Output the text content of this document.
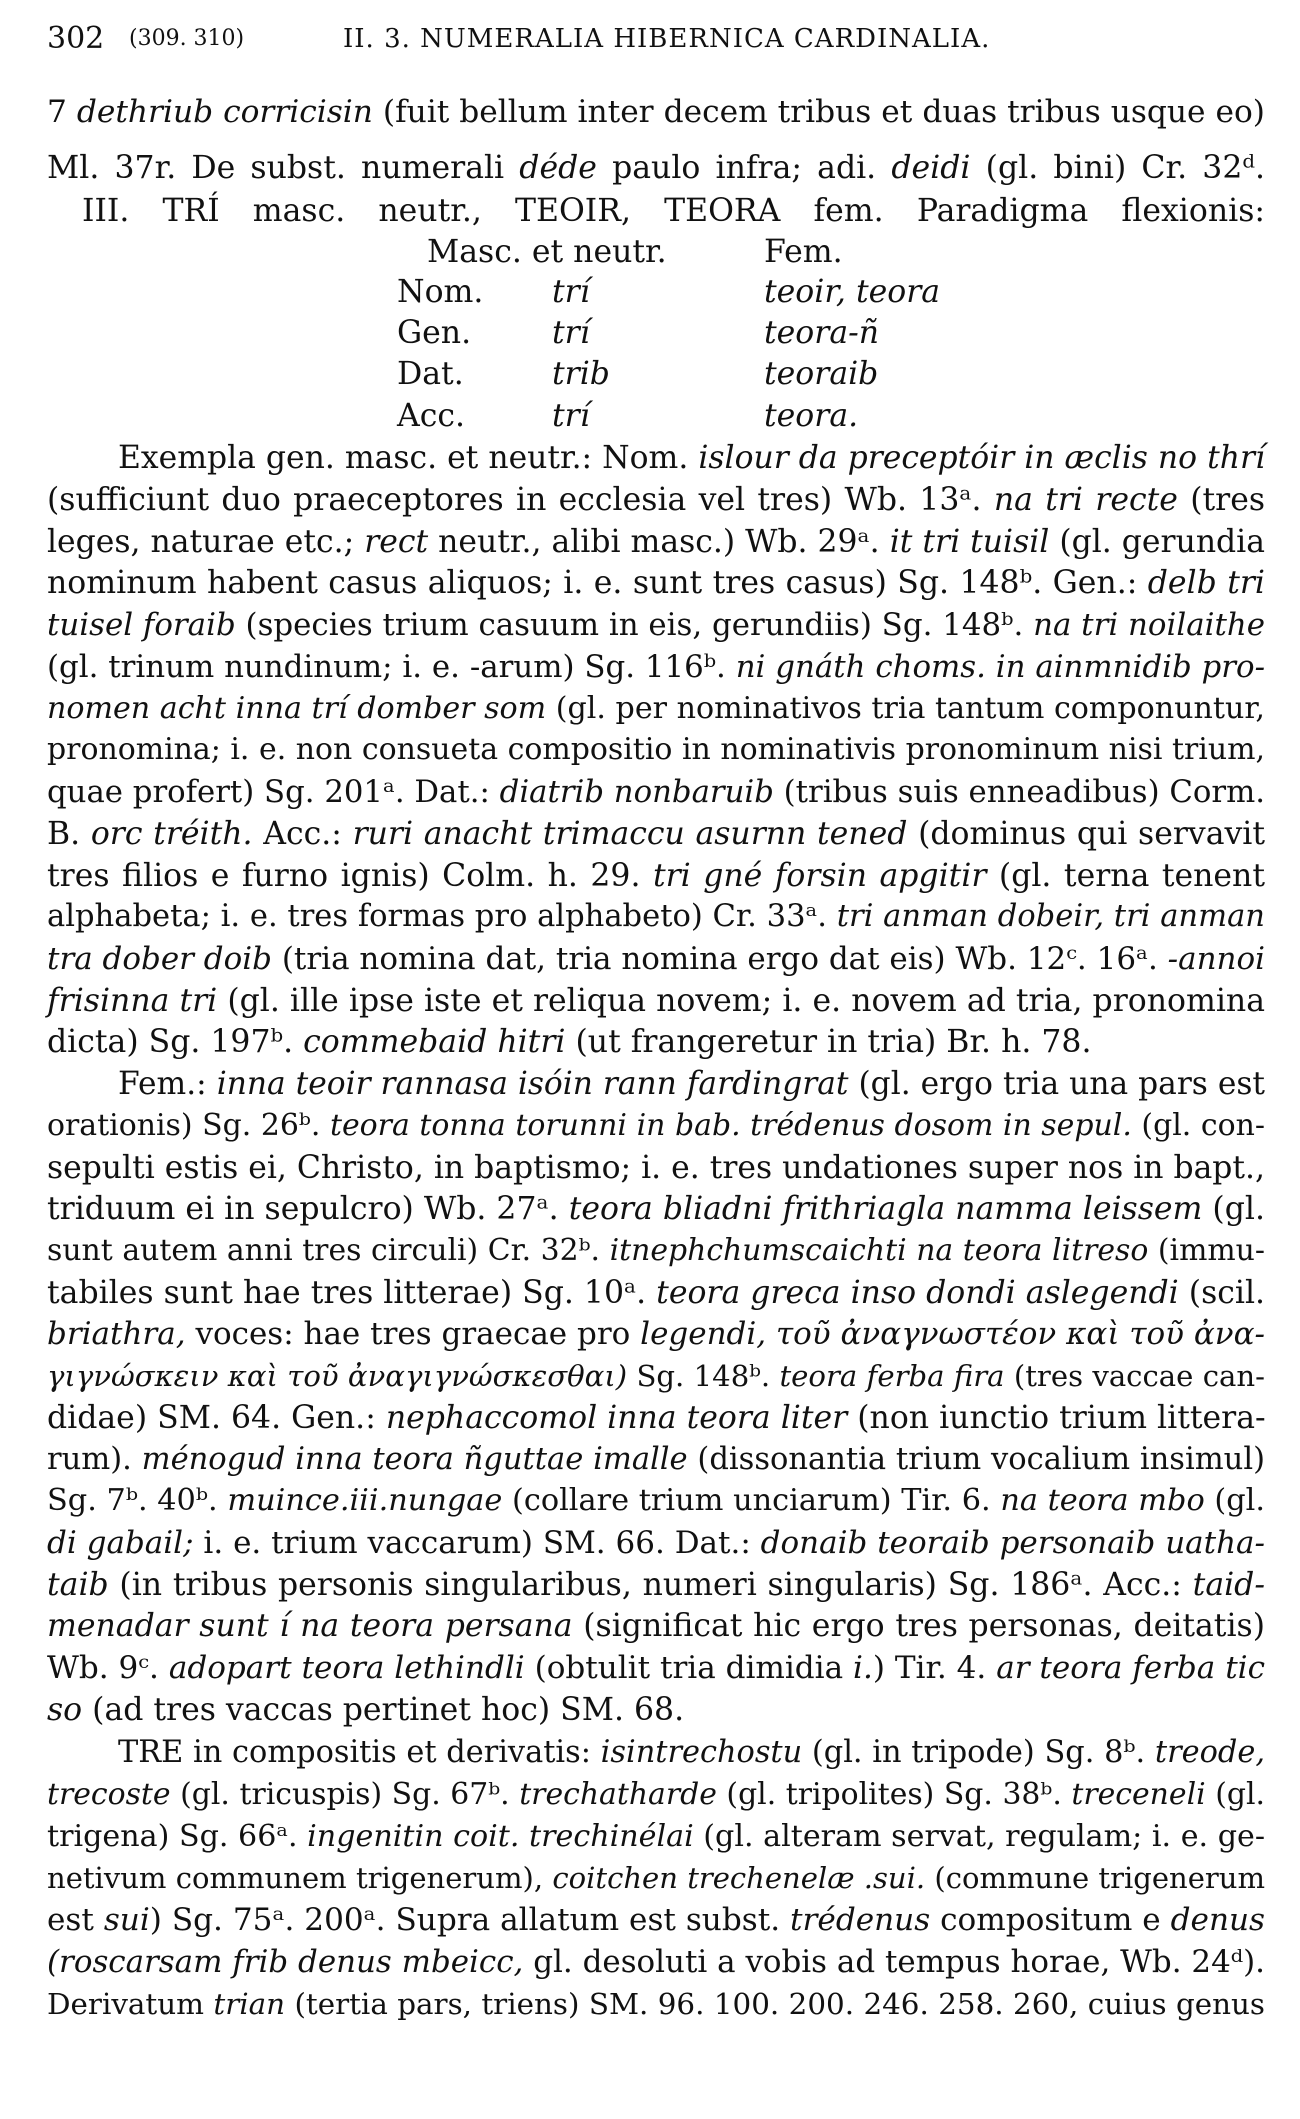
302 (309. 310)	II. 3. NUMERALIA HIBERNICA CARDINALIA.
7 dethriub corricisin (fuit bellum inter decem tribus et duas tribus usque eo)
Ml. 37r. De subst. numerali déde paulo infra; adi. deidi (gl. bini) Cr. 32ᵈ.
III. TRÍ masc. neutr., TEOIR, TEORA fem. Paradigma flexionis:
Exempla gen. masc. et neutr.: Nom. islour da preceptóir in æclis no thrí
(sufficiunt duo praeceptores in ecclesia vel tres) Wb. 13ᵃ. na tri recte (tres
leges, naturae etc.; rect neutr., alibi masc.) Wb. 29ᵃ. it tri tuisil (gl. gerundia
nominum habent casus aliquos; i. e. sunt tres casus) Sg. 148ᵇ. Gen.: delb tri
tuisel foraib (species trium casuum in eis, gerundiis) Sg. 148ᵇ. na tri noilaithe
(gl. trinum nundinum; i. e. -arum) Sg. 116ᵇ. ni gnáth choms. in ainmnidib pro-
nomen acht inna trí domber som (gl. per nominativos tria tantum componuntur,
pronomina; i. e. non consueta compositio in nominativis pronominum nisi trium,
quae profert) Sg. 201ᵃ. Dat.: diatrib nonbaruib (tribus suis enneadibus) Corm.
B. orc tréith. Acc.: ruri anacht trimaccu asurnn tened (dominus qui servavit
tres filios e furno ignis) Colm. h. 29. tri gné forsin apgitir (gl. terna tenent
alphabeta; i. e. tres formas pro alphabeto) Cr. 33ᵃ. tri anman dobeir, tri anman
tra dober doib (tria nomina dat, tria nomina ergo dat eis) Wb. 12ᶜ. 16ᵃ. -annoi
frisinna tri (gl. ille ipse iste et reliqua novem; i. e. novem ad tria, pronomina
dicta) Sg. 197ᵇ. commebaid hitri (ut frangeretur in tria) Br. h. 78.
Fem.: inna teoir rannasa isóin rann fardingrat (gl. ergo tria una pars est
orationis) Sg. 26ᵇ. teora tonna torunni in bab. trédenus dosom in sepul. (gl. con-
sepulti estis ei, Christo, in baptismo; i. e. tres undationes super nos in bapt.,
triduum ei in sepulcro) Wb. 27ᵃ. teora bliadni frithriagla namma leissem (gl.
sunt autem anni tres circuli) Cr. 32ᵇ. itnephchumscaichti na teora litreso (immu-
tabiles sunt hae tres litterae) Sg. 10ᵃ. teora greca inso dondi aslegendi (scil.
briathra, voces: hae tres graecae pro legendi, τοῦ ἀναγνωστέον καὶ τοῦ ἀνα-
γιγνώσκειν καὶ τοῦ ἀναγιγνώσκεσθαι) Sg. 148ᵇ. teora ferba fira (tres vaccae can-
didae) SM. 64. Gen.: nephaccomol inna teora liter (non iunctio trium littera-
rum). ménogud inna teora ñguttae imalle (dissonantia trium vocalium insimul)
Sg. 7ᵇ. 40ᵇ. muince.iii.nungae (collare trium unciarum) Tir. 6. na teora mbo (gl.
di gabail; i. e. trium vaccarum) SM. 66. Dat.: donaib teoraib personaib uatha-
taib (in tribus personis singularibus, numeri singularis) Sg. 186ᵃ. Acc.: taid-
menadar sunt í na teora persana (significat hic ergo tres personas, deitatis)
Wb. 9ᶜ. adopart teora lethindli (obtulit tria dimidia i.) Tir. 4. ar teora ferba tic
so (ad tres vaccas pertinet hoc) SM. 68.
TRE in compositis et derivatis: isintrechostu (gl. in tripode) Sg. 8ᵇ. treode,
trecoste (gl. tricuspis) Sg. 67ᵇ. trechatharde (gl. tripolites) Sg. 38ᵇ. treceneli (gl.
trigena) Sg. 66ᵃ. ingenitin coit. trechinélai (gl. alteram servat, regulam; i. e. ge-
netivum communem trigenerum), coitchen trechenelæ .sui. (commune trigenerum
est sui) Sg. 75ᵃ. 200ᵃ. Supra allatum est subst. trédenus compositum e denus
(roscarsam frib denus mbeicc, gl. desoluti a vobis ad tempus horae, Wb. 24ᵈ).
Derivatum trian (tertia pars, triens) SM. 96. 100. 200. 246. 258. 260, cuius genus
Masc. et neutr.	Fem.
Nom. trí	teoir, teora
Gen.	trí	teora-ñ
Dat.	trib	teoraib
Acc.	trí	teora.
